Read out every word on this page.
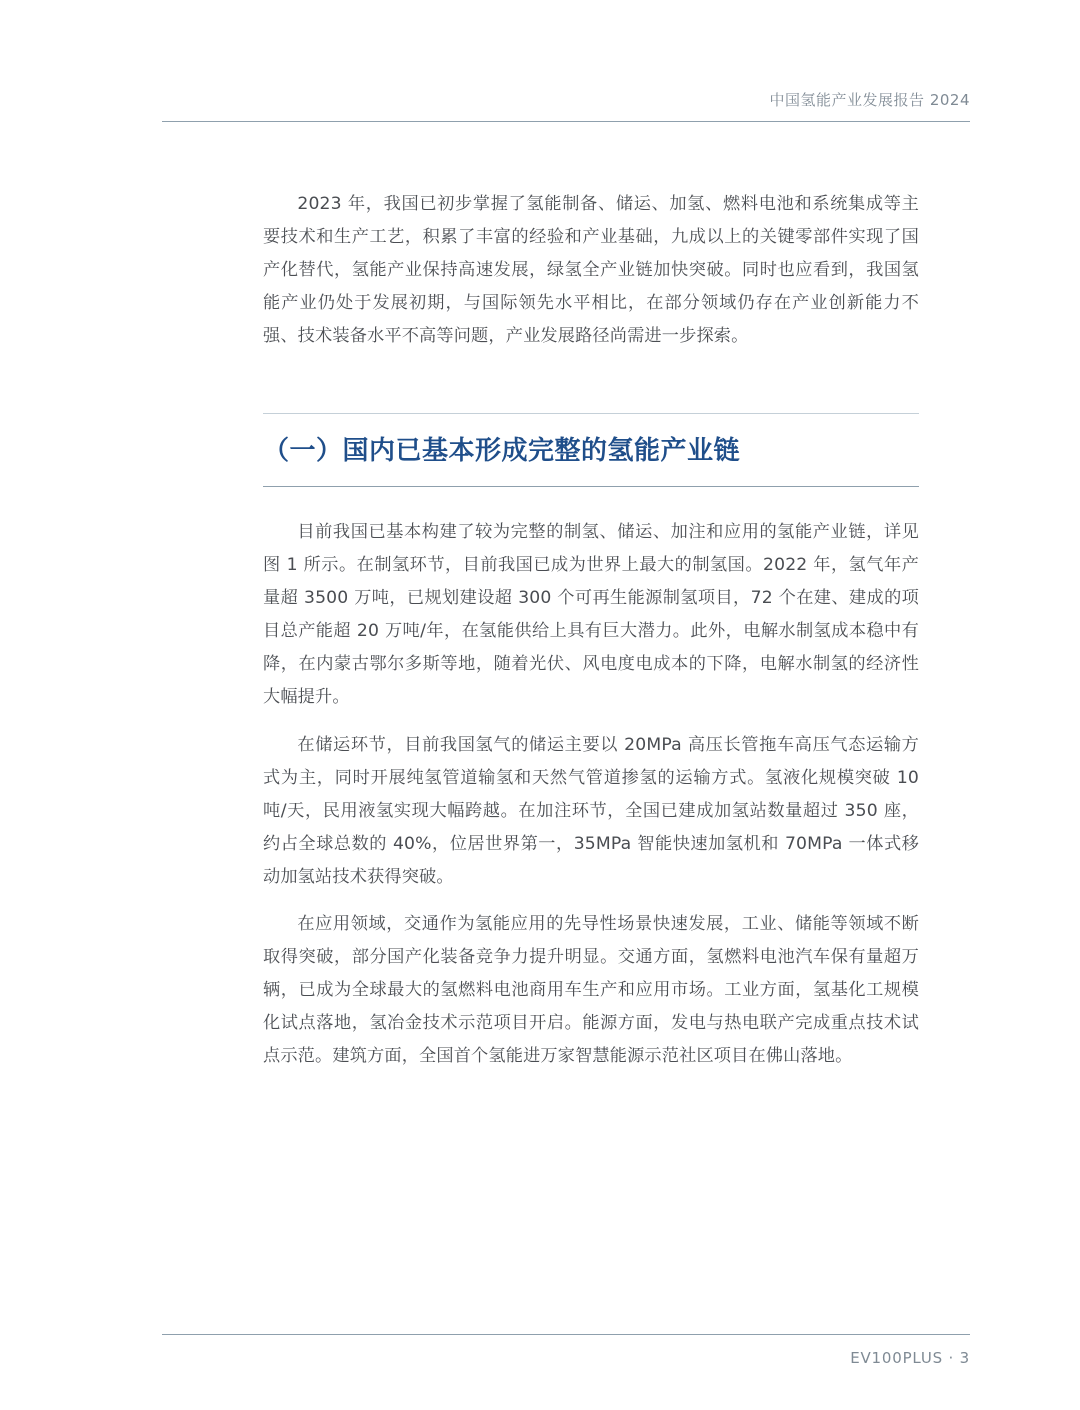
中国氢能产业发展报告 2024

2023 年，我国已初步掌握了氢能制备、储运、加氢、燃料电池和系统集成等主要技术和生产工艺，积累了丰富的经验和产业基础，九成以上的关键零部件实现了国产化替代，氢能产业保持高速发展，绿氢全产业链加快突破。同时也应看到，我国氢能产业仍处于发展初期，与国际领先水平相比，在部分领域仍存在产业创新能力不强、技术装备水平不高等问题，产业发展路径尚需进一步探索。

（一）国内已基本形成完整的氢能产业链

目前我国已基本构建了较为完整的制氢、储运、加注和应用的氢能产业链，详见图 1 所示。在制氢环节，目前我国已成为世界上最大的制氢国。2022 年，氢气年产量超 3500 万吨，已规划建设超 300 个可再生能源制氢项目，72 个在建、建成的项目总产能超 20 万吨/年，在氢能供给上具有巨大潜力。此外，电解水制氢成本稳中有降，在内蒙古鄂尔多斯等地，随着光伏、风电度电成本的下降，电解水制氢的经济性大幅提升。

在储运环节，目前我国氢气的储运主要以 20MPa 高压长管拖车高压气态运输方式为主，同时开展纯氢管道输氢和天然气管道掺氢的运输方式。氢液化规模突破 10 吨/天，民用液氢实现大幅跨越。在加注环节，全国已建成加氢站数量超过 350 座，约占全球总数的 40%，位居世界第一，35MPa 智能快速加氢机和 70MPa 一体式移动加氢站技术获得突破。

在应用领域，交通作为氢能应用的先导性场景快速发展，工业、储能等领域不断取得突破，部分国产化装备竞争力提升明显。交通方面，氢燃料电池汽车保有量超万辆，已成为全球最大的氢燃料电池商用车生产和应用市场。工业方面，氢基化工规模化试点落地，氢冶金技术示范项目开启。能源方面，发电与热电联产完成重点技术试点示范。建筑方面，全国首个氢能进万家智慧能源示范社区项目在佛山落地。

EV100PLUS · 3
